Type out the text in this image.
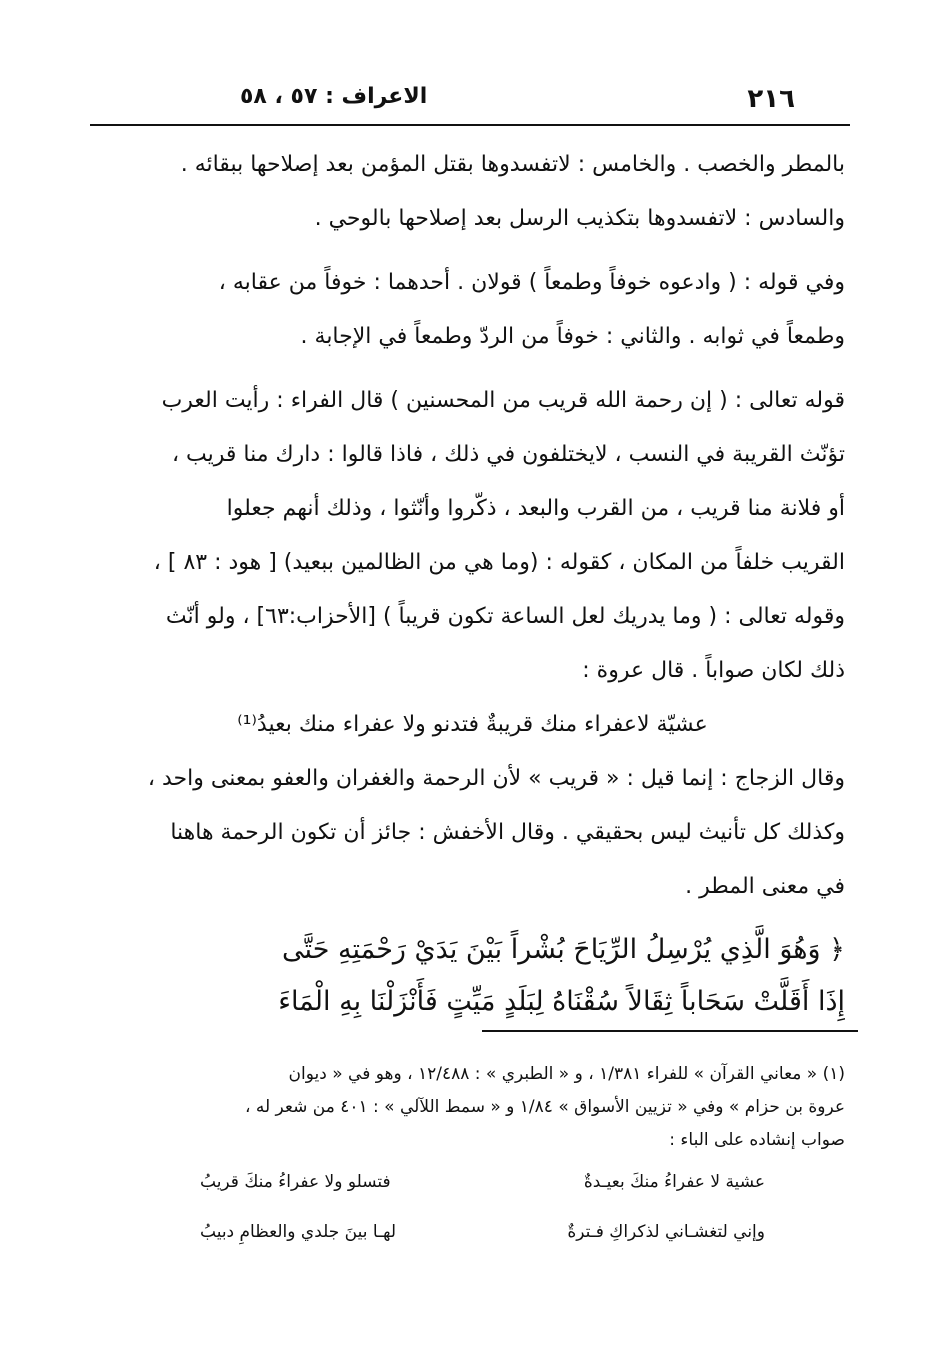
٢١٦
الاعراف : ٥٧ ، ٥٨
بالمطر والخصب . والخامس : لاتفسدوها بقتل المؤمن بعد إصلاحها ببقائه .
والسادس : لاتفسدوها بتكذيب الرسل بعد إصلاحها بالوحي .
وفي قوله : ( وادعوه خوفاً وطمعاً ) قولان . أحدهما : خوفاً من عقابه ،
وطمعاً في ثوابه . والثاني : خوفاً من الردّ وطمعاً في الإجابة .
قوله تعالى : ( إن رحمة الله قريب من المحسنين ) قال الفراء : رأيت العرب
تؤنّث القريبة في النسب ، لايختلفون في ذلك ، فاذا قالوا : دارك منا قريب ،
أو فلانة منا قريب ، من القرب والبعد ، ذكّروا وأنّثوا ، وذلك أنهم جعلوا
القريب خلفاً من المكان ، كقوله : (وما هي من الظالمين ببعيد) [ هود : ٨٣ ] ،
وقوله تعالى : ( وما يدريك لعل الساعة تكون قريباً ) [الأحزاب:٦٣] ، ولو أنّث
ذلك لكان صواباً . قال عروة :
عشيّة لاعفراء منك قريبةٌ فتدنو ولا عفراء منك بعيدُ⁽¹⁾
وقال الزجاج : إنما قيل : « قريب » لأن الرحمة والغفران والعفو بمعنى واحد ،
وكذلك كل تأنيث ليس بحقيقي . وقال الأخفش : جائز أن تكون الرحمة هاهنا
في معنى المطر .
﴿ وَهُوَ الَّذِي يُرْسِلُ الرِّيَاحَ بُشْراً بَيْنَ يَدَيْ رَحْمَتِهِ حَتَّى
إِذَا أَقَلَّتْ سَحَاباً ثِقَالاً سُقْنَاهُ لِبَلَدٍ مَيِّتٍ فَأَنْزَلْنَا بِهِ الْمَاءَ
(١) « معاني القرآن » للفراء ١/٣٨١ ، و « الطبري » : ١٢/٤٨٨ ، وهو في « ديوان
عروة بن حزام » وفي « تزيين الأسواق » ١/٨٤ و « سمط اللآلي » : ٤٠١ من شعر له ،
صواب إنشاده على الباء :
عشية لا عفراءُ منكَ بعيـدةٌ
فتسلو ولا عفراءُ منكَ قريبُ
وإني لتغشـاني لذكراكِ فـترةٌ
لهـا بينَ جلدي والعظامِ دبيبُ
